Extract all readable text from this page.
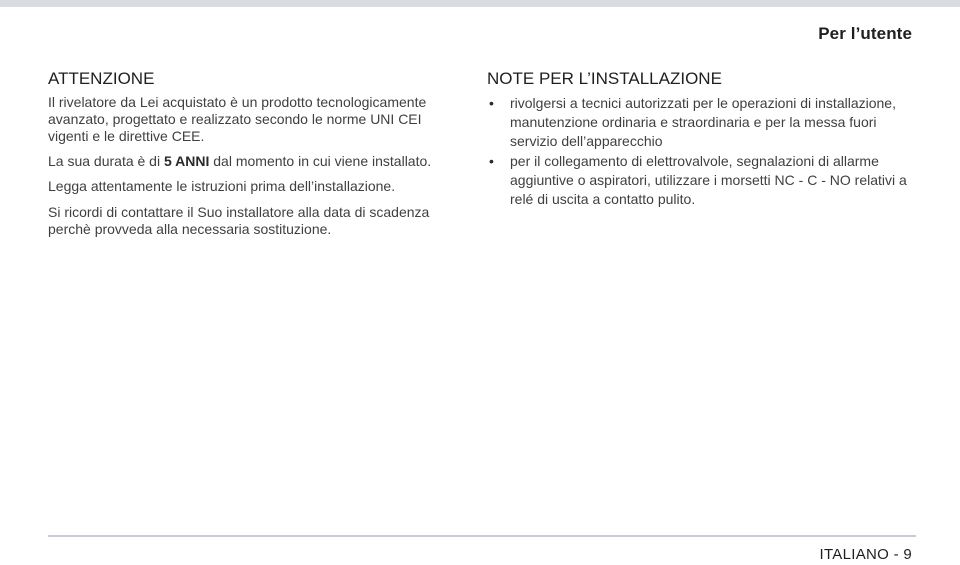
Per l’utente
ATTENZIONE

Il rivelatore da Lei acquistato è un prodotto tecnologicamente avanzato, progettato e realizzato secondo le norme UNI CEI vigenti e le direttive CEE.

La sua durata è di 5 ANNI dal momento in cui viene installato.

Legga attentamente le istruzioni prima dell’installazione.

Si ricordi di contattare il Suo installatore alla data di scadenza perchè provveda alla necessaria sostituzione.

NOTE PER L’INSTALLAZIONE
• rivolgersi a tecnici autorizzati per le operazioni di installazione, manutenzione ordinaria e straordinaria e per la messa fuori servizio dell’apparecchio
• per il collegamento di elettrovalvole, segnalazioni di allarme aggiuntive o aspiratori, utilizzare i morsetti NC - C - NO relativi a relé di uscita a contatto pulito.
ITALIANO - 9
